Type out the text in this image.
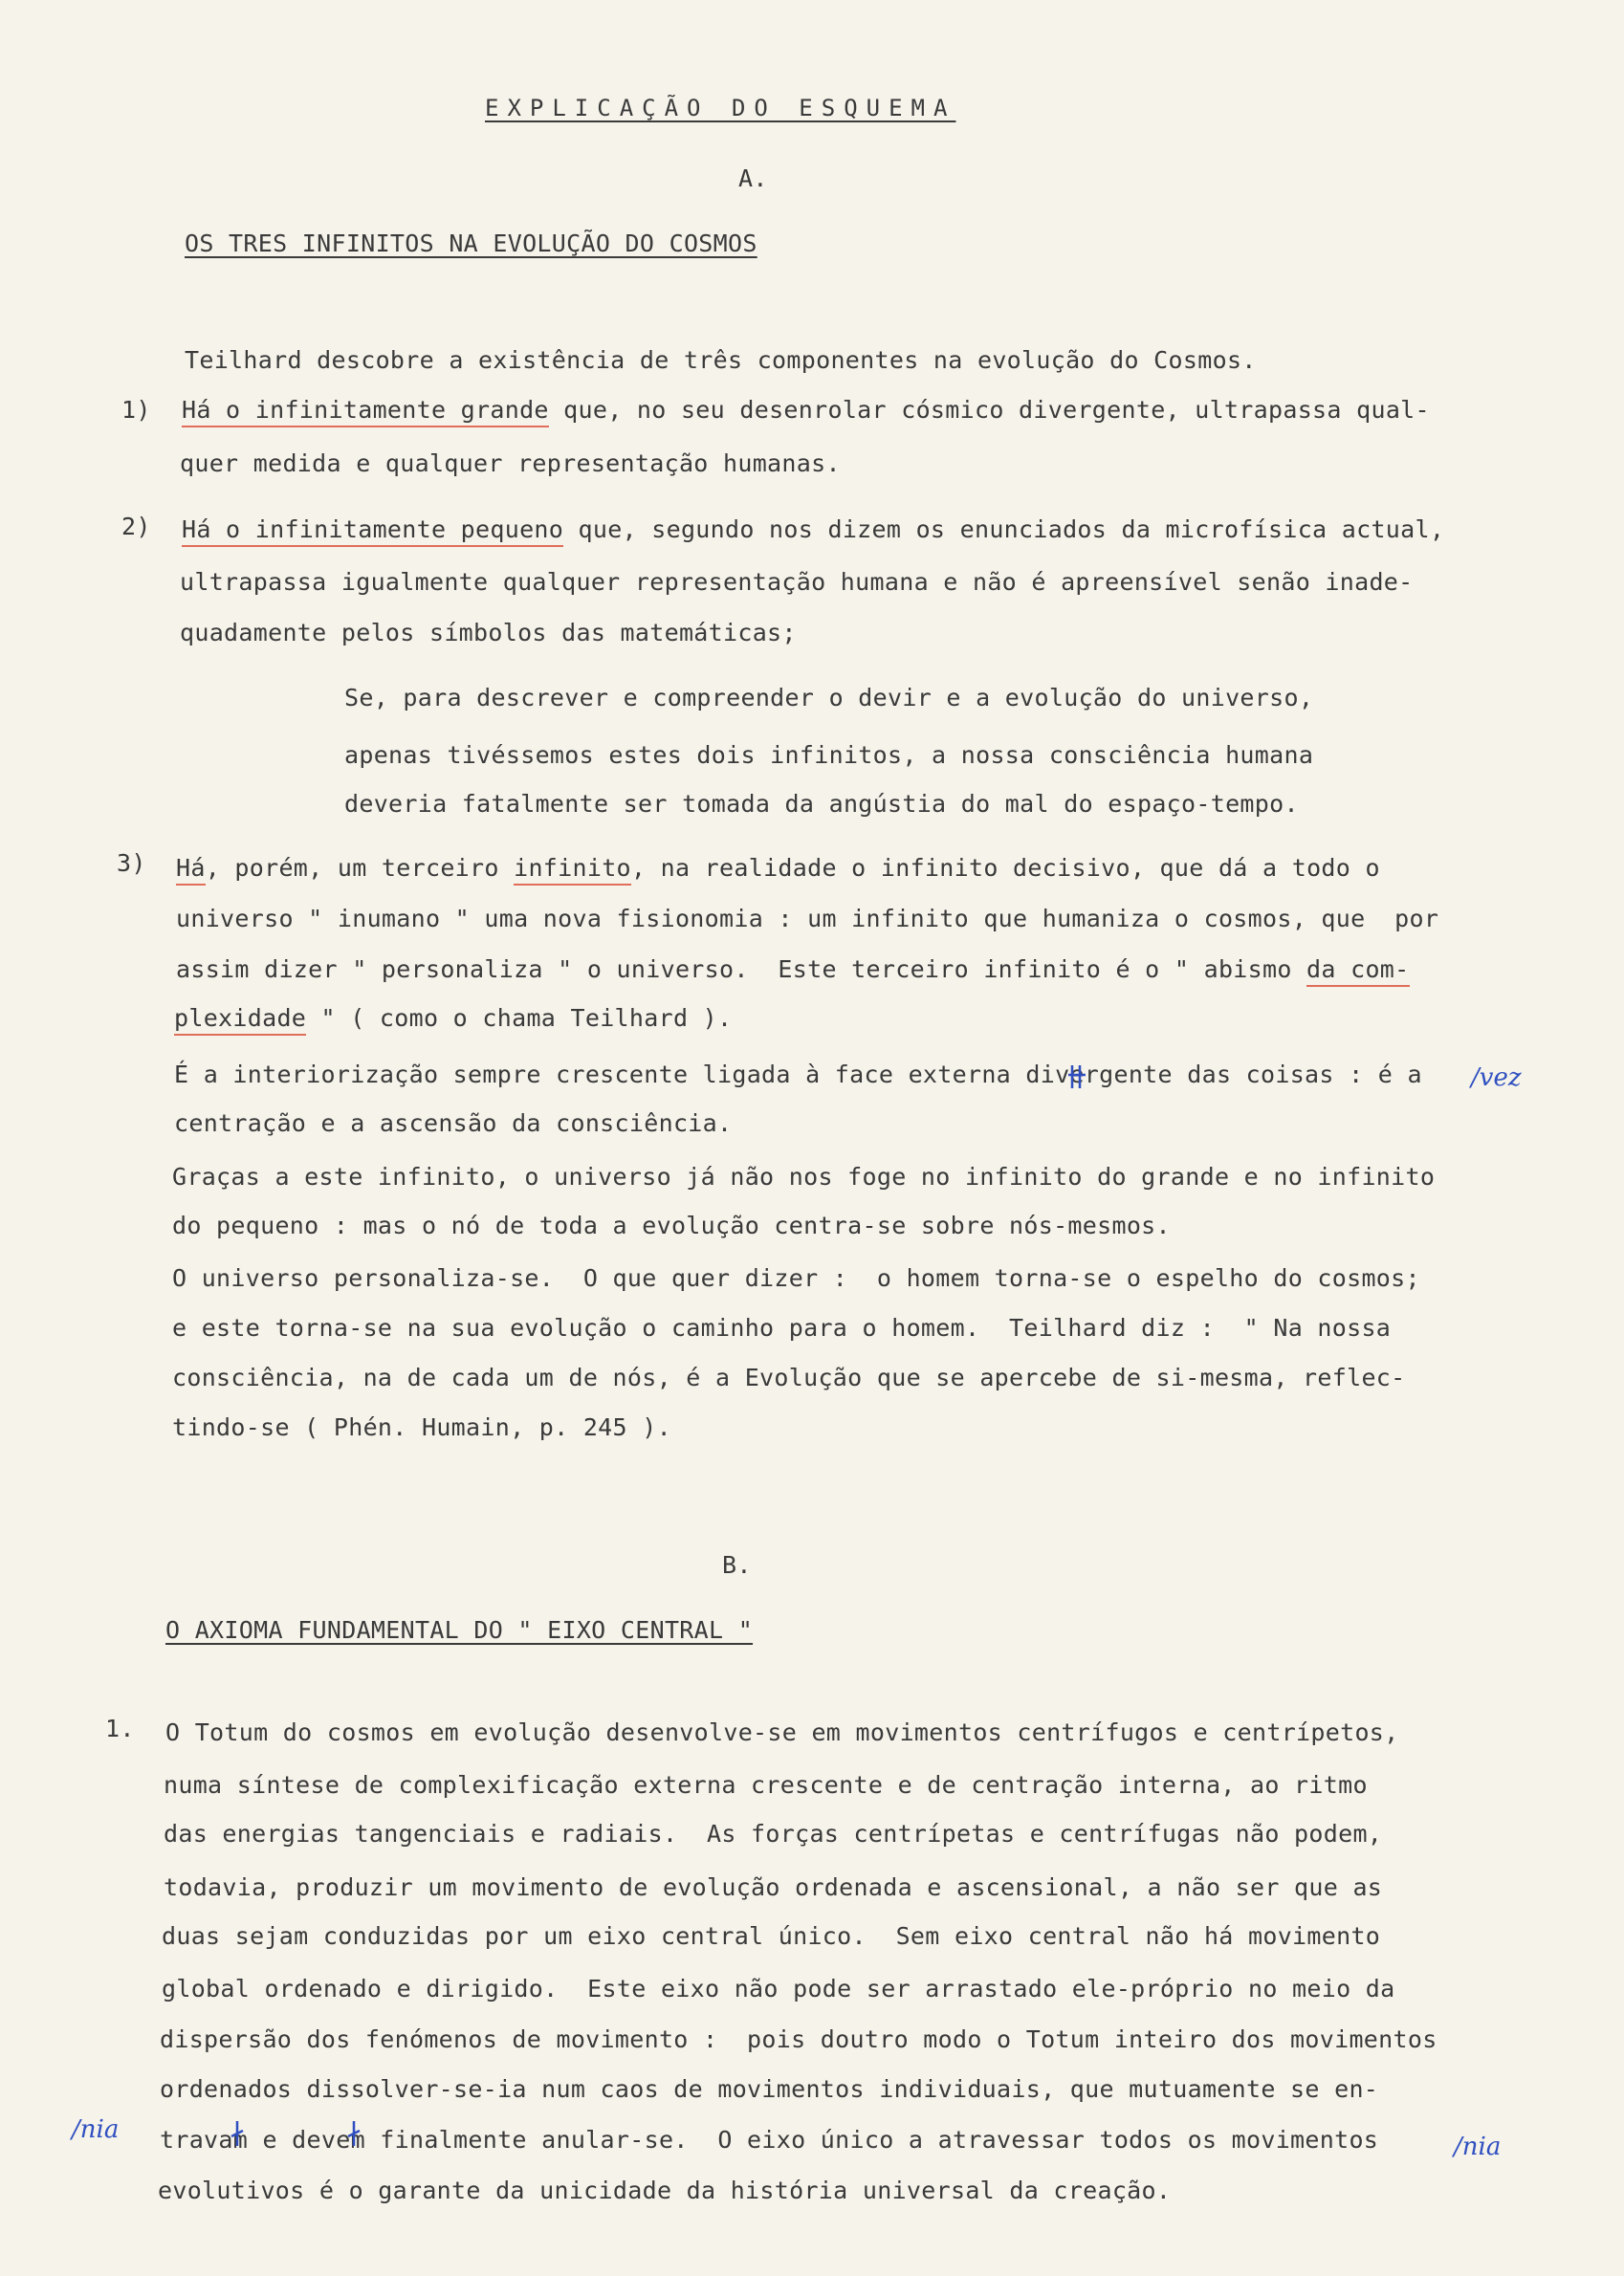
EXPLICAÇÃO DO ESQUEMA
A.
OS TRES INFINITOS NA EVOLUÇÃO DO COSMOS
Teilhard descobre a existência de três componentes na evolução do Cosmos.
1) Há o infinitamente grande que, no seu desenrolar cósmico divergente, ultrapassa qual-
quer medida e qualquer representação humanas.
2) Há o infinitamente pequeno que, segundo nos dizem os enunciados da microfísica actual,
ultrapassa igualmente qualquer representação humana e não é apreensível senão inade-
quadamente pelos símbolos das matemáticas;
Se, para descrever e compreender o devir e a evolução do universo,
apenas tivéssemos estes dois infinitos, a nossa consciência humana
deveria fatalmente ser tomada da angústia do mal do espaço-tempo.
3) Há, porém, um terceiro infinito, na realidade o infinito decisivo, que dá a todo o
universo " inumano " uma nova fisionomia : um infinito que humaniza o cosmos, que  por
assim dizer " personaliza " o universo.  Este terceiro infinito é o " abismo da com-
plexidade " ( como o chama Teilhard ).
É a interiorização sempre crescente ligada à face externa divergente das coisas : é a
centração e a ascensão da consciência.
Graças a este infinito, o universo já não nos foge no infinito do grande e no infinito
do pequeno : mas o nó de toda a evolução centra-se sobre nós-mesmos.
O universo personaliza-se.  O que quer dizer :  o homem torna-se o espelho do cosmos;
e este torna-se na sua evolução o caminho para o homem.  Teilhard diz :  " Na nossa
consciência, na de cada um de nós, é a Evolução que se apercebe de si-mesma, reflec-
tindo-se ( Phén. Humain, p. 245 ).
B.
O AXIOMA FUNDAMENTAL DO " EIXO CENTRAL "
1. O Totum do cosmos em evolução desenvolve-se em movimentos centrífugos e centrípetos,
numa síntese de complexificação externa crescente e de centração interna, ao ritmo
das energias tangenciais e radiais.  As forças centrípetas e centrífugas não podem,
todavia, produzir um movimento de evolução ordenada e ascensional, a não ser que as
duas sejam conduzidas por um eixo central único.  Sem eixo central não há movimento
global ordenado e dirigido.  Este eixo não pode ser arrastado ele-próprio no meio da
dispersão dos fenómenos de movimento :  pois doutro modo o Totum inteiro dos movimentos
ordenados dissolver-se-ia num caos de movimentos individuais, que mutuamente se en-
travam e devem finalmente anular-se.  O eixo único a atravessar todos os movimentos
evolutivos é o garante da unicidade da história universal da creação.
/vez
/nia
/nia
